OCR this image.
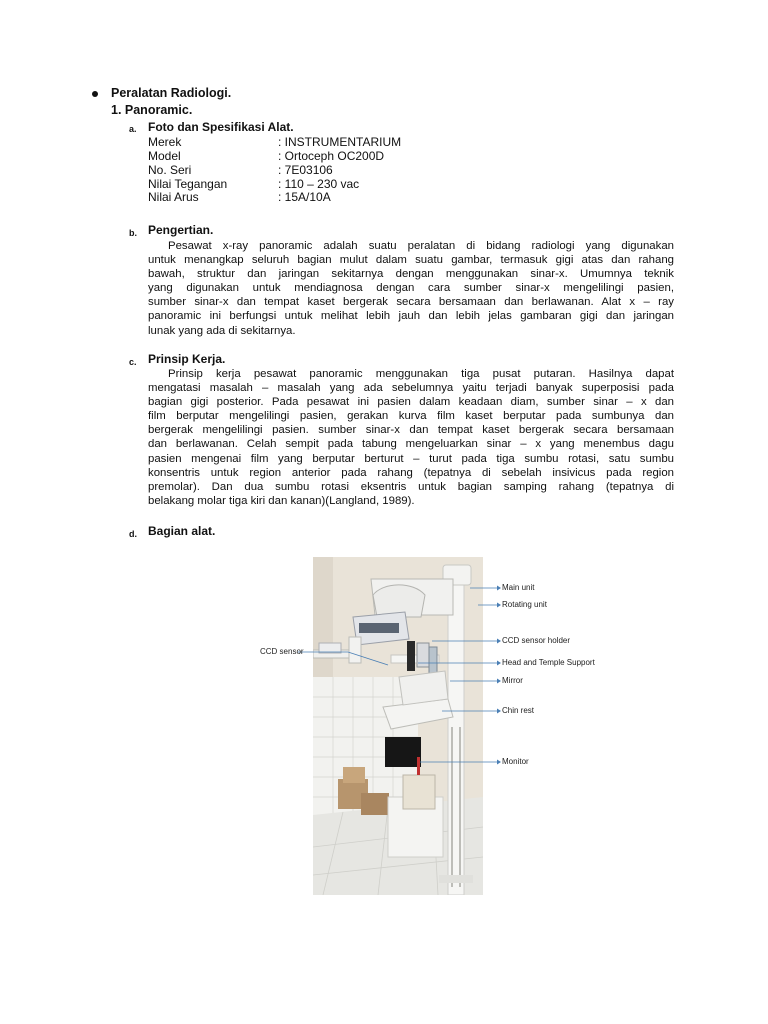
Peralatan Radiologi.
1. Panoramic.
a. Foto dan Spesifikasi Alat.
Merek	: INSTRUMENTARIUM
Model	: Ortoceph OC200D
No. Seri	: 7E03106
Nilai Tegangan	: 110 – 230 vac
Nilai Arus	: 15A/10A
b. Pengertian.
Pesawat x-ray panoramic adalah suatu peralatan di bidang radiologi yang digunakan
untuk menangkap seluruh bagian mulut dalam suatu gambar, termasuk gigi atas dan rahang
bawah, struktur dan jaringan sekitarnya dengan menggunakan sinar-x. Umumnya teknik
yang digunakan untuk mendiagnosa dengan cara sumber sinar-x mengelilingi pasien,
sumber sinar-x dan tempat kaset bergerak secara bersamaan dan berlawanan. Alat x – ray
panoramic ini berfungsi untuk melihat lebih jauh dan lebih jelas gambaran gigi dan jaringan
lunak yang ada di sekitarnya.
c. Prinsip Kerja.
Prinsip kerja pesawat panoramic menggunakan tiga pusat putaran. Hasilnya dapat
mengatasi masalah – masalah yang ada sebelumnya yaitu terjadi banyak superposisi pada
bagian gigi posterior. Pada pesawat ini pasien dalam keadaan diam, sumber sinar – x dan
film berputar mengelilingi pasien, gerakan kurva film kaset berputar pada sumbunya dan
bergerak mengelilingi pasien. sumber sinar-x dan tempat kaset bergerak secara bersamaan
dan berlawanan. Celah sempit pada tabung mengeluarkan sinar – x yang menembus dagu
pasien mengenai film yang berputar berturut – turut pada tiga sumbu rotasi, satu sumbu
konsentris untuk region anterior pada rahang (tepatnya di sebelah insivicus pada region
premolar). Dan dua sumbu rotasi eksentris untuk bagian samping rahang (tepatnya di
belakang molar tiga kiri dan kanan)(Langland, 1989).
d. Bagian alat.
CCD sensor
Main unit
Rotating unit
CCD sensor holder
Head and Temple Support
Mirror
Chin rest
Monitor
